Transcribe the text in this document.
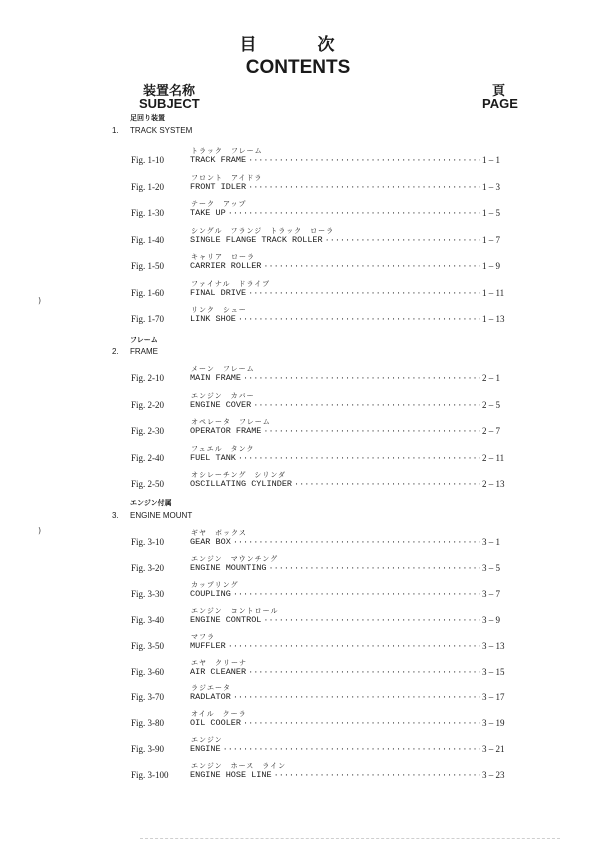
目　次
CONTENTS
装置名称
SUBJECT
頁
PAGE
足回り装置
1. TRACK SYSTEM
トラック　フレーム
Fig. 1-10	TRACK FRAME ·····	1 – 1
フロント　アイドラ
Fig. 1-20	FRONT IDLER ·····	1 – 3
テーク　アップ
Fig. 1-30	TAKE UP ·····	1 – 5
シングル　フランジ　トラック　ローラ
Fig. 1-40	SINGLE FLANGE TRACK ROLLER ·····	1 – 7
キャリア　ローラ
Fig. 1-50	CARRIER ROLLER ·····	1 – 9
ファイナル　ドライブ
Fig. 1-60	FINAL DRIVE ·····	1 – 11
リンク　シュー
Fig. 1-70	LINK SHOE ·····	1 – 13
フレーム
2. FRAME
メーン　フレーム
Fig. 2-10	MAIN FRAME ·····	2 – 1
エンジン　カバー
Fig. 2-20	ENGINE COVER ·····	2 – 5
オペレータ　フレーム
Fig. 2-30	OPERATOR FRAME ·····	2 – 7
フュエル　タンク
Fig. 2-40	FUEL TANK ·····	2 – 11
オシレーチング　シリンダ
Fig. 2-50	OSCILLATING CYLINDER ·····	2 – 13
エンジン付属
3. ENGINE MOUNT
ギヤ　ボックス
Fig. 3-10	GEAR BOX ·····	3 – 1
エンジン　マウンチング
Fig. 3-20	ENGINE MOUNTING ·····	3 – 5
カップリング
Fig. 3-30	COUPLING ·····	3 – 7
エンジン　コントロール
Fig. 3-40	ENGINE CONTROL ·····	3 – 9
マフラ
Fig. 3-50	MUFFLER ·····	3 – 13
エヤ　クリーナ
Fig. 3-60	AIR CLEANER ·····	3 – 15
ラジエータ
Fig. 3-70	RADLATOR ·····	3 – 17
オイル　クーラ
Fig. 3-80	OIL COOLER ·····	3 – 19
エンジン
Fig. 3-90	ENGINE ·····	3 – 21
エンジン　ホース　ライン
Fig. 3-100	ENGINE HOSE LINE ·····	3 – 23
)
)
